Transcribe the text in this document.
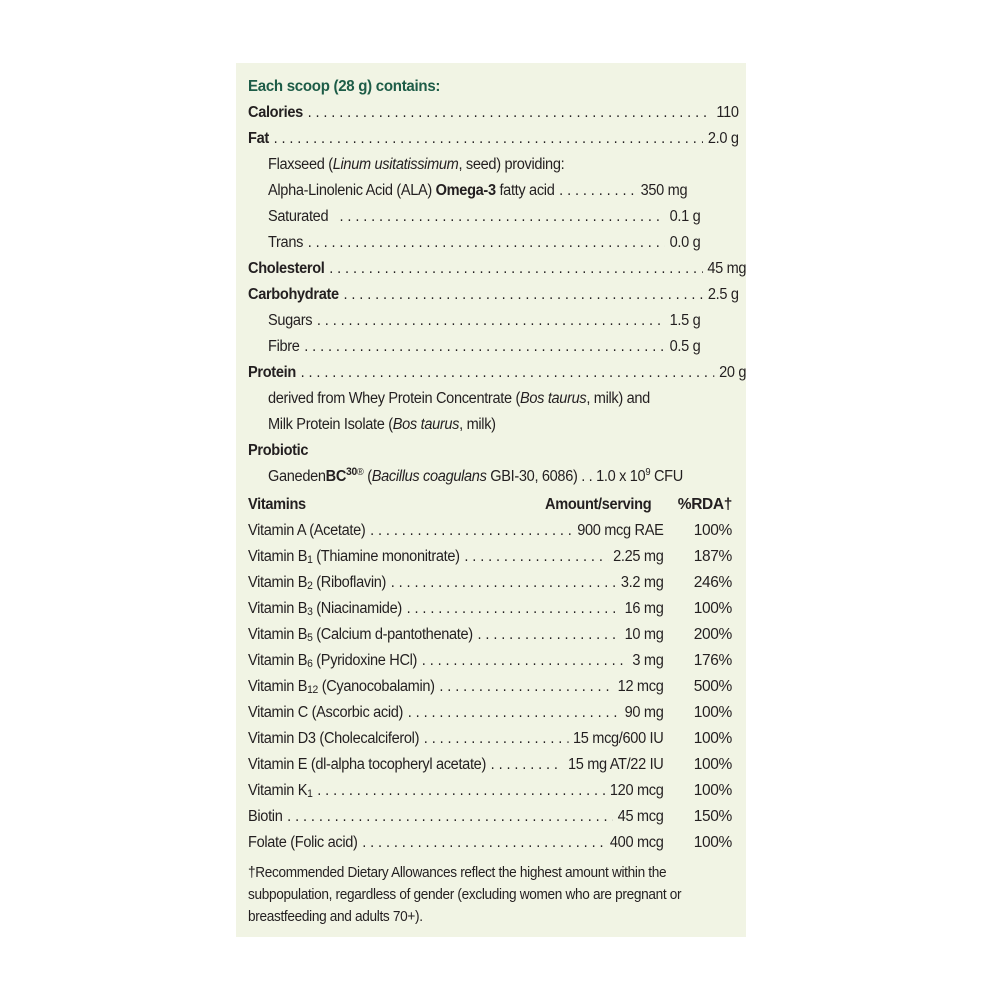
Each scoop (28 g) contains:
Calories . . .	110
Fat . . .	2.0 g
Flaxseed (Linum usitatissimum, seed) providing:
Alpha-Linolenic Acid (ALA) Omega-3 fatty acid . . .	350 mg
Saturated . . .	0.1 g
Trans . . .	0.0 g
Cholesterol . . .	45 mg
Carbohydrate . . .	2.5 g
Sugars . . .	1.5 g
Fibre . . .	0.5 g
Protein . . .	20 g
derived from Whey Protein Concentrate (Bos taurus, milk) and
Milk Protein Isolate (Bos taurus, milk)
Probiotic
GanedenBC$^{30®}$ (Bacillus coagulans GBI-30, 6086) . . 1.0 x $10^9$ CFU
Vitamins	Amount/serving %RDA†
Vitamin A (Acetate) . . .	900 mcg RAE 100%
Vitamin $B_1$ (Thiamine mononitrate) . . .	2.25 mg 187%
Vitamin $B_2$ (Riboflavin) . . .	3.2 mg 246%
Vitamin $B_3$ (Niacinamide) . . .	16 mg 100%
Vitamin $B_5$ (Calcium d-pantothenate) . . .	10 mg 200%
Vitamin $B_6$ (Pyridoxine HCl) . . .	3 mg 176%
Vitamin $B_{12}$ (Cyanocobalamin) . . .	12 mcg 500%
Vitamin C (Ascorbic acid) . . .	90 mg 100%
Vitamin D3 (Cholecalciferol) . . .	15 mcg/600 IU 100%
Vitamin E (dl-alpha tocopheryl acetate) . . .	15 mg AT/22 IU 100%
Vitamin $K_1$ . . .	120 mcg 100%
Biotin . . .	45 mcg 150%
Folate (Folic acid) . . .	400 mcg 100%
†Recommended Dietary Allowances reflect the highest amount within the subpopulation, regardless of gender (excluding women who are pregnant or breastfeeding and adults 70+).
